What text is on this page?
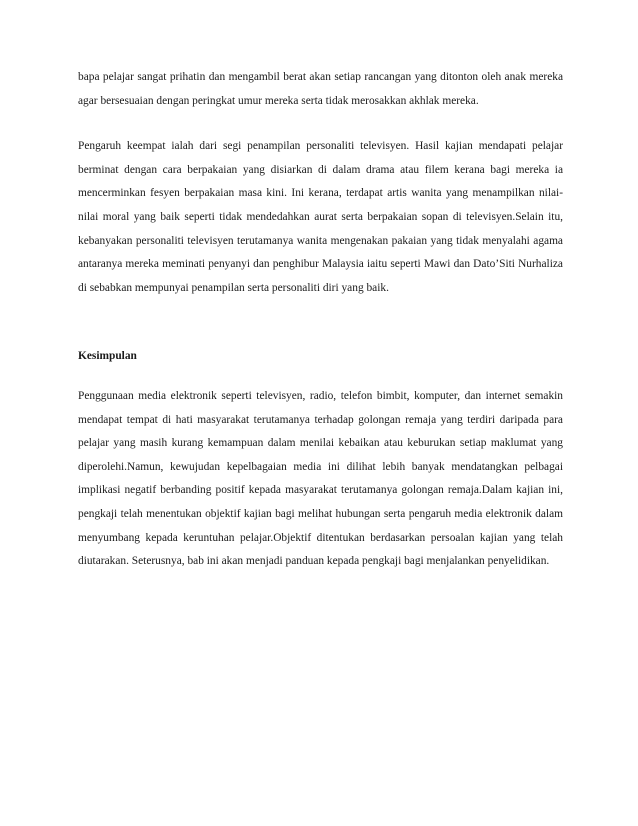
bapa pelajar sangat prihatin dan mengambil berat akan setiap rancangan yang ditonton oleh anak mereka agar bersesuaian dengan peringkat umur mereka serta tidak merosakkan akhlak mereka.

Pengaruh keempat ialah dari segi penampilan personaliti televisyen. Hasil kajian mendapati pelajar berminat dengan cara berpakaian yang disiarkan di dalam drama atau filem kerana bagi mereka ia mencerminkan fesyen berpakaian masa kini. Ini kerana, terdapat artis wanita yang menampilkan nilai-nilai moral yang baik seperti tidak mendedahkan aurat serta berpakaian sopan di televisyen.Selain itu, kebanyakan personaliti televisyen terutamanya wanita mengenakan pakaian yang tidak menyalahi agama antaranya mereka meminati penyanyi dan penghibur Malaysia iaitu seperti Mawi dan Dato’Siti Nurhaliza di sebabkan mempunyai penampilan serta personaliti diri yang baik.

Kesimpulan

Penggunaan media elektronik seperti televisyen, radio, telefon bimbit, komputer, dan internet semakin mendapat tempat di hati masyarakat terutamanya terhadap golongan remaja yang terdiri daripada para pelajar yang masih kurang kemampuan dalam menilai kebaikan atau keburukan setiap maklumat yang diperolehi.Namun, kewujudan kepelbagaian media ini dilihat lebih banyak mendatangkan pelbagai implikasi negatif berbanding positif kepada masyarakat terutamanya golongan remaja.Dalam kajian ini, pengkaji telah menentukan objektif kajian bagi melihat hubungan serta pengaruh media elektronik dalam menyumbang kepada keruntuhan pelajar.Objektif ditentukan berdasarkan persoalan kajian yang telah diutarakan. Seterusnya, bab ini akan menjadi panduan kepada pengkaji bagi menjalankan penyelidikan.
